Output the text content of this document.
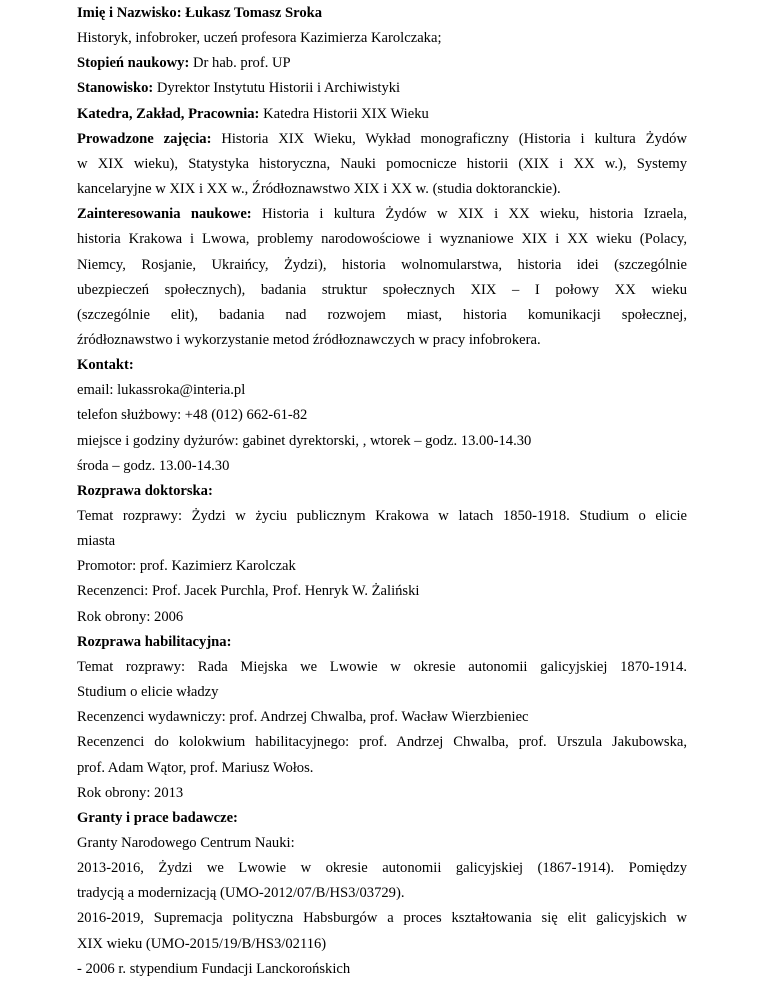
Imię i Nazwisko: Łukasz Tomasz Sroka
Historyk, infobroker, uczeń profesora Kazimierza Karolczaka;
Stopień naukowy: Dr hab. prof. UP
Stanowisko: Dyrektor Instytutu Historii i Archiwistyki
Katedra, Zakład, Pracownia: Katedra Historii XIX Wieku
Prowadzone zajęcia: Historia XIX Wieku, Wykład monograficzny (Historia i kultura Żydów
w XIX wieku), Statystyka historyczna, Nauki pomocnicze historii (XIX i XX w.), Systemy
kancelaryjne w XIX i XX w., Źródłoznawstwo XIX i XX w. (studia doktoranckie).
Zainteresowania naukowe: Historia i kultura Żydów w XIX i XX wieku, historia Izraela,
historia Krakowa i Lwowa, problemy narodowościowe i wyznaniowe XIX i XX wieku (Polacy,
Niemcy, Rosjanie, Ukraińcy, Żydzi), historia wolnomularstwa, historia idei (szczególnie
ubezpieczeń społecznych), badania struktur społecznych XIX – I połowy XX wieku
(szczególnie elit), badania nad rozwojem miast, historia komunikacji społecznej,
źródłoznawstwo i wykorzystanie metod źródłoznawczych w pracy infobrokera.
Kontakt:
email: lukassroka@interia.pl
telefon służbowy: +48 (012) 662-61-82
miejsce i godziny dyżurów: gabinet dyrektorski, , wtorek – godz. 13.00-14.30
środa – godz. 13.00-14.30
Rozprawa doktorska:
Temat rozprawy: Żydzi w życiu publicznym Krakowa w latach 1850-1918. Studium o elicie
miasta
Promotor: prof. Kazimierz Karolczak
Recenzenci: Prof. Jacek Purchla, Prof. Henryk W. Żaliński
Rok obrony: 2006
Rozprawa habilitacyjna:
Temat rozprawy: Rada Miejska we Lwowie w okresie autonomii galicyjskiej 1870-1914.
Studium o elicie władzy
Recenzenci wydawniczy: prof. Andrzej Chwalba, prof. Wacław Wierzbieniec
Recenzenci do kolokwium habilitacyjnego: prof. Andrzej Chwalba, prof. Urszula Jakubowska,
prof. Adam Wątor, prof. Mariusz Wołos.
Rok obrony: 2013
Granty i prace badawcze:
Granty Narodowego Centrum Nauki:
2013-2016, Żydzi we Lwowie w okresie autonomii galicyjskiej (1867-1914). Pomiędzy
tradycją a modernizacją (UMO-2012/07/B/HS3/03729).
2016-2019, Supremacja polityczna Habsburgów a proces kształtowania się elit galicyjskich w
XIX wieku (UMO-2015/19/B/HS3/02116)
- 2006 r. stypendium Fundacji Lanckorońskich
